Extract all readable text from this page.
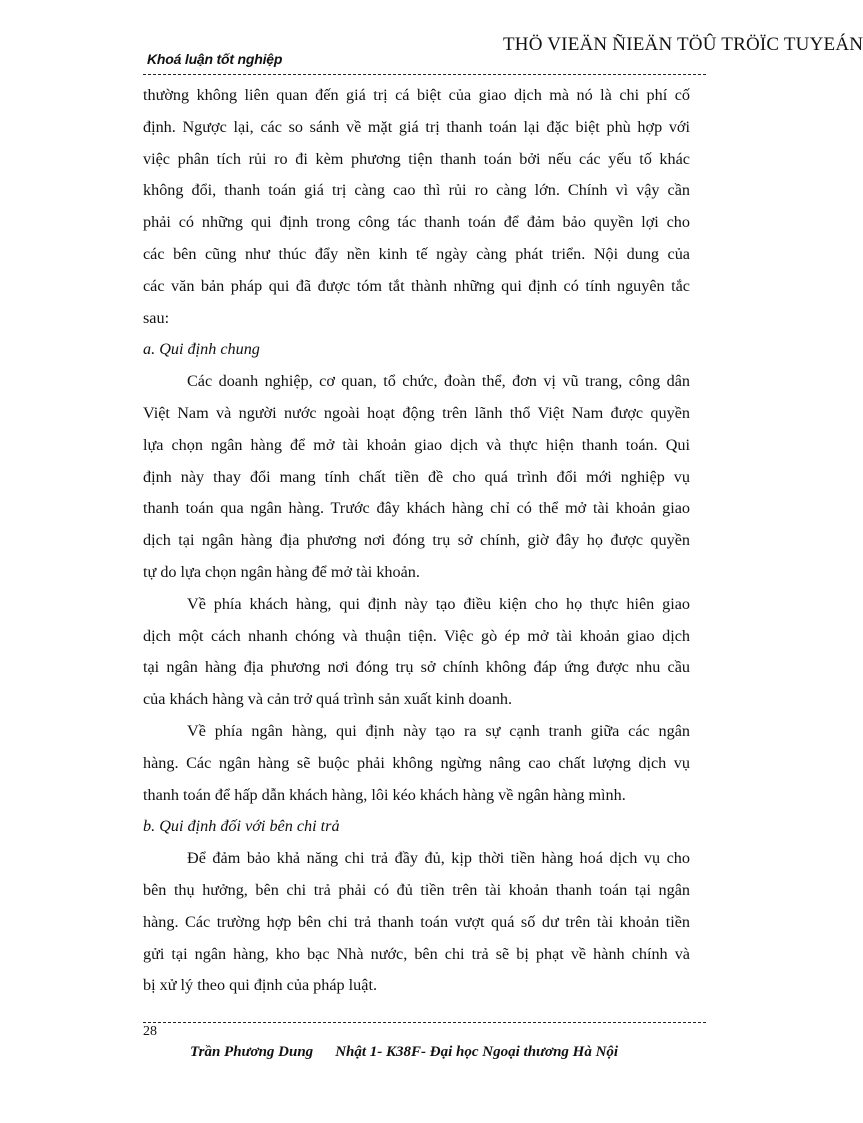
Khoá luận tốt nghiệp
THÖ VIEÄN ÑIEÄN TÖÛ TRÖÏC TUYEÁN
thường không liên quan đến giá trị cá biệt của giao dịch mà nó là chi phí cố
định. Ngược lại, các so sánh về mặt giá trị thanh toán lại đặc biệt phù hợp với
việc phân tích rủi ro đi kèm phương tiện thanh toán bởi nếu các yếu tố khác
không đổi, thanh toán giá trị càng cao thì rủi ro càng lớn. Chính vì vậy cần
phải có những qui định trong công tác thanh toán để đảm bảo quyền lợi cho
các bên cũng như thúc đẩy nền kinh tế ngày càng phát triển. Nội dung của
các văn bản pháp qui đã được tóm tắt thành những qui định có tính nguyên tắc
sau:
a. Qui định chung
Các doanh nghiệp, cơ quan, tổ chức, đoàn thể, đơn vị vũ trang, công dân
Việt Nam và người nước ngoài hoạt động trên lãnh thổ Việt Nam được quyền
lựa chọn ngân hàng để mở tài khoản giao dịch và thực hiện thanh toán. Qui
định này thay đổi mang tính chất tiền đề cho quá trình đổi mới nghiệp vụ
thanh toán qua ngân hàng. Trước đây khách hàng chỉ có thể mở tài khoản giao
dịch tại ngân hàng địa phương nơi đóng trụ sở chính, giờ đây họ được quyền
tự do lựa chọn ngân hàng để mở tài khoản.
Về phía khách hàng, qui định này tạo điều kiện cho họ thực hiên giao
dịch một cách nhanh chóng và thuận tiện. Việc gò ép mở tài khoản giao dịch
tại ngân hàng địa phương nơi đóng trụ sở chính không đáp ứng được nhu cầu
của khách hàng và cản trở quá trình sản xuất kinh doanh.
Về phía ngân hàng, qui định này tạo ra sự cạnh tranh giữa các ngân
hàng. Các ngân hàng sẽ buộc phải không ngừng nâng cao chất lượng dịch vụ
thanh toán để hấp dẫn khách hàng, lôi kéo khách hàng về ngân hàng mình.
b. Qui định đối với bên chi trả
Để đảm bảo khả năng chi trả đầy đủ, kịp thời tiền hàng hoá dịch vụ cho
bên thụ hưởng, bên chi trả phải có đủ tiền trên tài khoản thanh toán tại ngân
hàng. Các trường hợp bên chi trả thanh toán vượt quá số dư trên tài khoản tiền
gửi tại ngân hàng, kho bạc Nhà nước, bên chi trả sẽ bị phạt về hành chính và
bị xử lý theo qui định của pháp luật.
28
Trần Phương Dung Nhật 1- K38F- Đại học Ngoại thương Hà Nội
